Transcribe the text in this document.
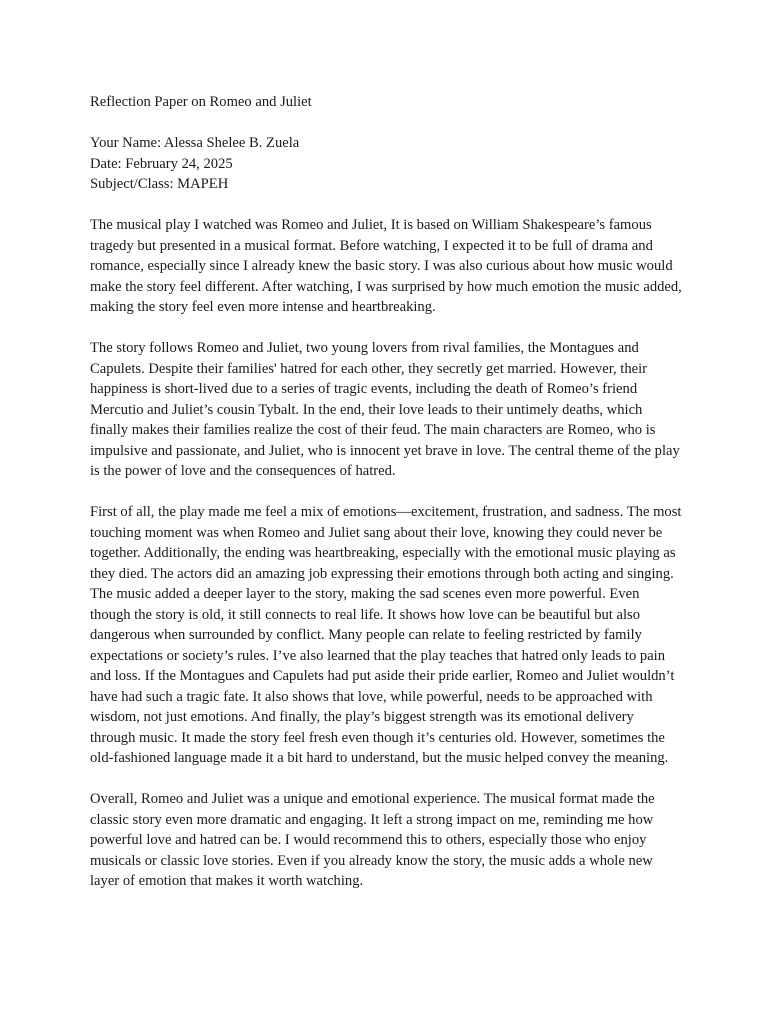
Reflection Paper on Romeo and Juliet

Your Name: Alessa Shelee B. Zuela

Date: February 24, 2025

Subject/Class: MAPEH

The musical play I watched was Romeo and Juliet, It is based on William Shakespeare’s famous tragedy but presented in a musical format. Before watching, I expected it to be full of drama and romance, especially since I already knew the basic story. I was also curious about how music would make the story feel different. After watching, I was surprised by how much emotion the music added, making the story feel even more intense and heartbreaking.

The story follows Romeo and Juliet, two young lovers from rival families, the Montagues and Capulets. Despite their families' hatred for each other, they secretly get married. However, their happiness is short-lived due to a series of tragic events, including the death of Romeo’s friend Mercutio and Juliet’s cousin Tybalt. In the end, their love leads to their untimely deaths, which finally makes their families realize the cost of their feud. The main characters are Romeo, who is impulsive and passionate, and Juliet, who is innocent yet brave in love. The central theme of the play is the power of love and the consequences of hatred.

First of all, the play made me feel a mix of emotions—excitement, frustration, and sadness. The most touching moment was when Romeo and Juliet sang about their love, knowing they could never be together. Additionally, the ending was heartbreaking, especially with the emotional music playing as they died. The actors did an amazing job expressing their emotions through both acting and singing. The music added a deeper layer to the story, making the sad scenes even more powerful. Even though the story is old, it still connects to real life. It shows how love can be beautiful but also dangerous when surrounded by conflict. Many people can relate to feeling restricted by family expectations or society’s rules. I’ve also learned that the play teaches that hatred only leads to pain and loss. If the Montagues and Capulets had put aside their pride earlier, Romeo and Juliet wouldn’t have had such a tragic fate. It also shows that love, while powerful, needs to be approached with wisdom, not just emotions. And finally, the play’s biggest strength was its emotional delivery through music. It made the story feel fresh even though it’s centuries old. However, sometimes the old-fashioned language made it a bit hard to understand, but the music helped convey the meaning.

Overall, Romeo and Juliet was a unique and emotional experience. The musical format made the classic story even more dramatic and engaging. It left a strong impact on me, reminding me how powerful love and hatred can be. I would recommend this to others, especially those who enjoy musicals or classic love stories. Even if you already know the story, the music adds a whole new layer of emotion that makes it worth watching.
